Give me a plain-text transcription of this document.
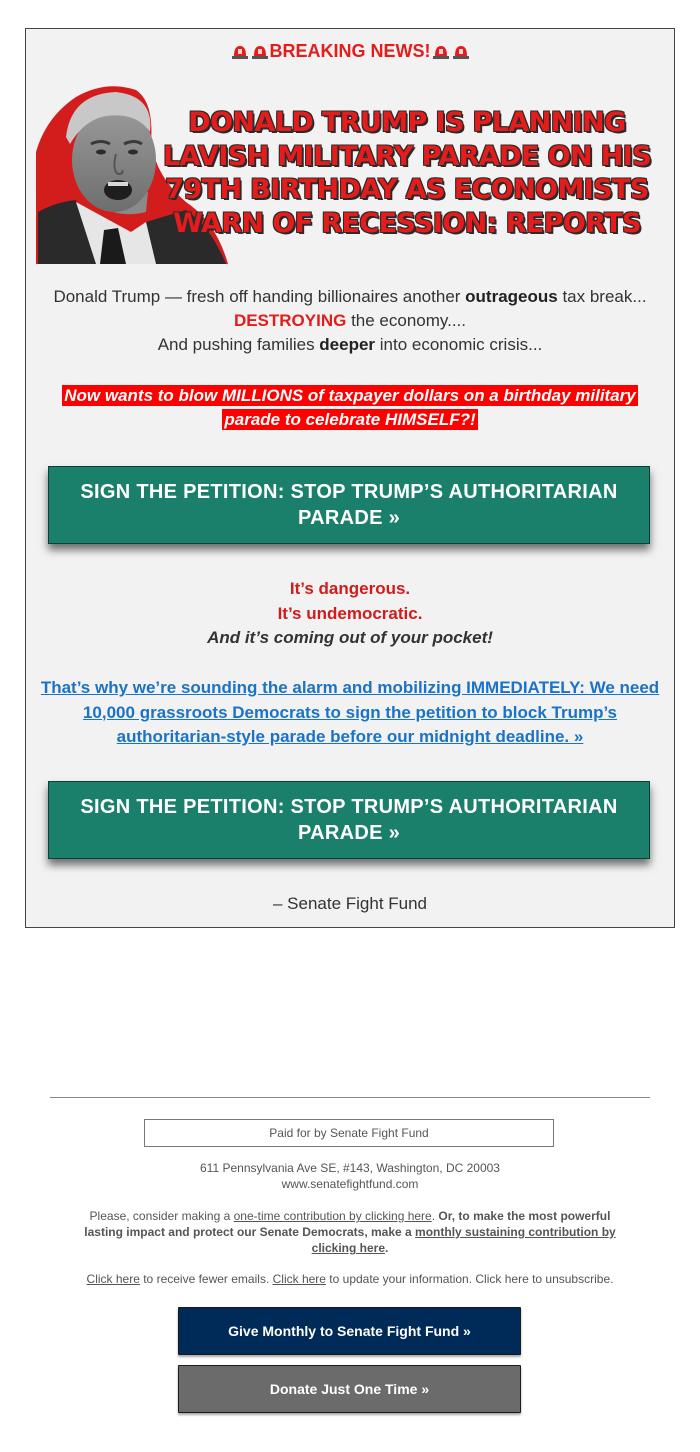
BREAKING NEWS!
DONALD TRUMP IS PLANNING LAVISH MILITARY PARADE ON HIS 79TH BIRTHDAY AS ECONOMISTS WARN OF RECESSION: REPORTS
Donald Trump — fresh off handing billionaires another outrageous tax break... DESTROYING the economy....
And pushing families deeper into economic crisis...
Now wants to blow MILLIONS of taxpayer dollars on a birthday military parade to celebrate HIMSELF?!
SIGN THE PETITION: STOP TRUMP’S AUTHORITARIAN PARADE »
It’s dangerous.
It’s undemocratic.
And it’s coming out of your pocket!
That’s why we’re sounding the alarm and mobilizing IMMEDIATELY: We need 10,000 grassroots Democrats to sign the petition to block Trump’s authoritarian-style parade before our midnight deadline. »
SIGN THE PETITION: STOP TRUMP’S AUTHORITARIAN PARADE »
– Senate Fight Fund
Paid for by Senate Fight Fund
611 Pennsylvania Ave SE, #143, Washington, DC 20003
www.senatefightfund.com
Please, consider making a one-time contribution by clicking here. Or, to make the most powerful lasting impact and protect our Senate Democrats, make a monthly sustaining contribution by clicking here.
Click here to receive fewer emails. Click here to update your information. Click here to unsubscribe.
Give Monthly to Senate Fight Fund »
Donate Just One Time »
